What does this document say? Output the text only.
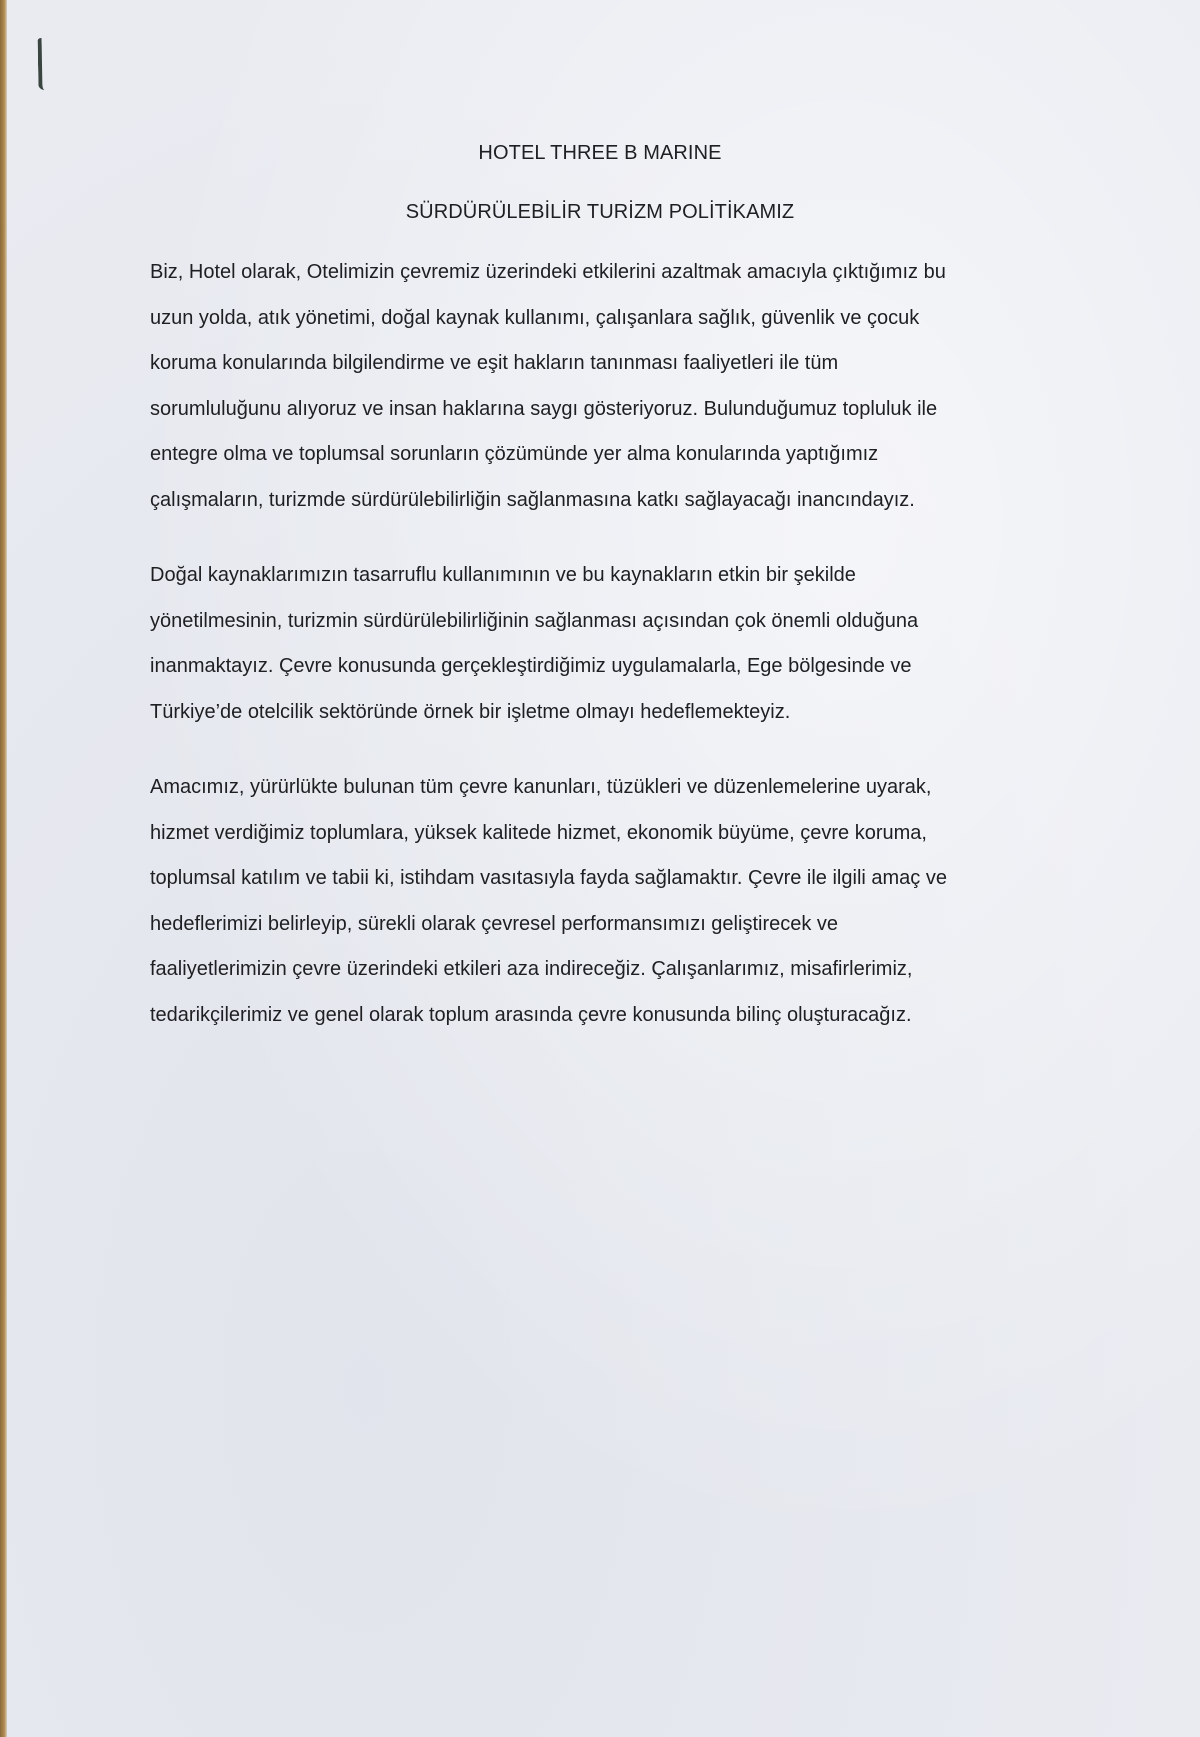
HOTEL THREE B MARINE
SÜRDÜRÜLEBİLİR TURİZM POLİTİKAMIZ
Biz, Hotel olarak, Otelimizin çevremiz üzerindeki etkilerini azaltmak amacıyla çıktığımız bu
uzun yolda, atık yönetimi, doğal kaynak kullanımı, çalışanlara sağlık, güvenlik ve çocuk
koruma konularında bilgilendirme ve eşit hakların tanınması faaliyetleri ile tüm
sorumluluğunu alıyoruz ve insan haklarına saygı gösteriyoruz. Bulunduğumuz topluluk ile
entegre olma ve toplumsal sorunların çözümünde yer alma konularında yaptığımız
çalışmaların, turizmde sürdürülebilirliğin sağlanmasına katkı sağlayacağı inancındayız.
Doğal kaynaklarımızın tasarruflu kullanımının ve bu kaynakların etkin bir şekilde
yönetilmesinin, turizmin sürdürülebilirliğinin sağlanması açısından çok önemli olduğuna
inanmaktayız. Çevre konusunda gerçekleştirdiğimiz uygulamalarla, Ege bölgesinde ve
Türkiye’de otelcilik sektöründe örnek bir işletme olmayı hedeflemekteyiz.
Amacımız, yürürlükte bulunan tüm çevre kanunları, tüzükleri ve düzenlemelerine uyarak,
hizmet verdiğimiz toplumlara, yüksek kalitede hizmet, ekonomik büyüme, çevre koruma,
toplumsal katılım ve tabii ki, istihdam vasıtasıyla fayda sağlamaktır. Çevre ile ilgili amaç ve
hedeflerimizi belirleyip, sürekli olarak çevresel performansımızı geliştirecek ve
faaliyetlerimizin çevre üzerindeki etkileri aza indireceğiz. Çalışanlarımız, misafirlerimiz,
tedarikçilerimiz ve genel olarak toplum arasında çevre konusunda bilinç oluşturacağız.
